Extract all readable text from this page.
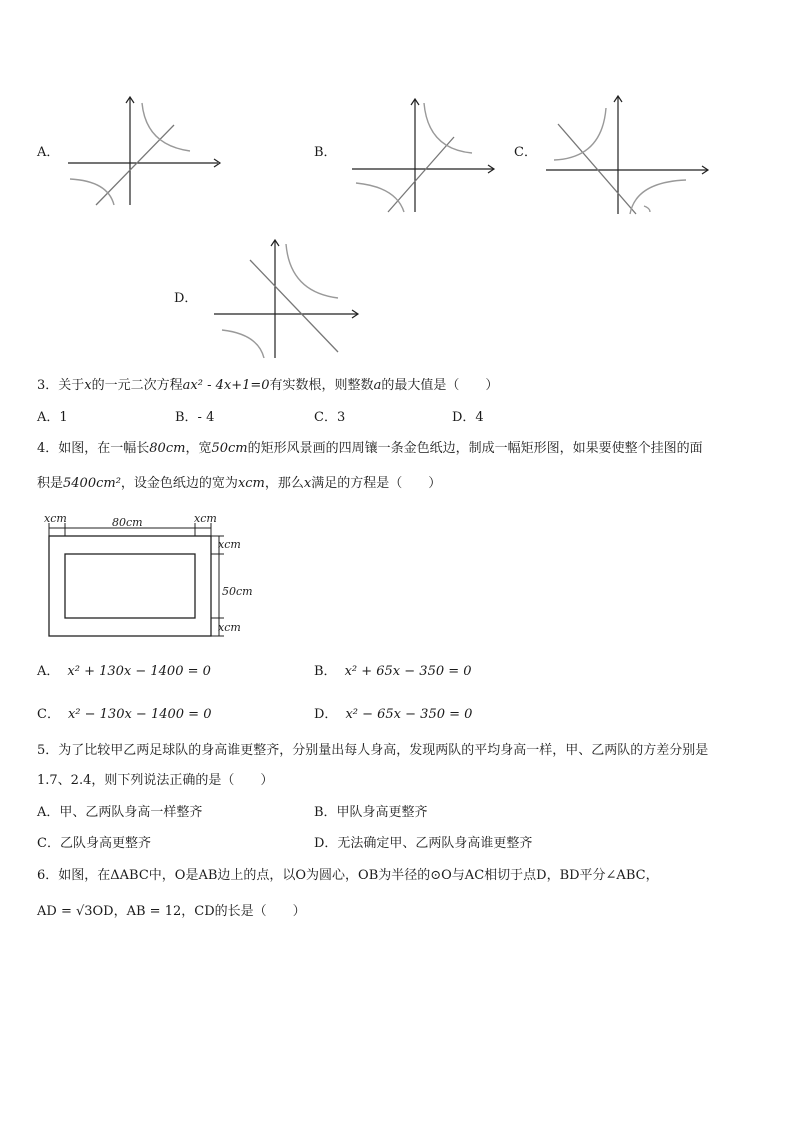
A．	B．	C．
D．
3．关于x的一元二次方程ax² - 4x+1=0有实数根，则整数a的最大值是（　　）
A．1	B．- 4	C．3	D．4
4．如图，在一幅长80cm，宽50cm的矩形风景画的四周镶一条金色纸边，制成一幅矩形图，如果要使整个挂图的面
积是5400cm²，设金色纸边的宽为xcm，那么x满足的方程是（　　）
xcm	80cm	xcm
xcm
50cm
xcm
A． x² + 130x − 1400 = 0	B． x² + 65x − 350 = 0
C． x² − 130x − 1400 = 0	D． x² − 65x − 350 = 0
5．为了比较甲乙两足球队的身高谁更整齐，分别量出每人身高，发现两队的平均身高一样，甲、乙两队的方差分别是
1.7、2.4，则下列说法正确的是（　　）
A．甲、乙两队身高一样整齐	B．甲队身高更整齐
C．乙队身高更整齐	D．无法确定甲、乙两队身高谁更整齐
6．如图，在ΔABC中，O是AB边上的点，以O为圆心，OB为半径的⊙O与AC相切于点D，BD平分∠ABC，
AD = √3OD，AB = 12，CD的长是（　　）
